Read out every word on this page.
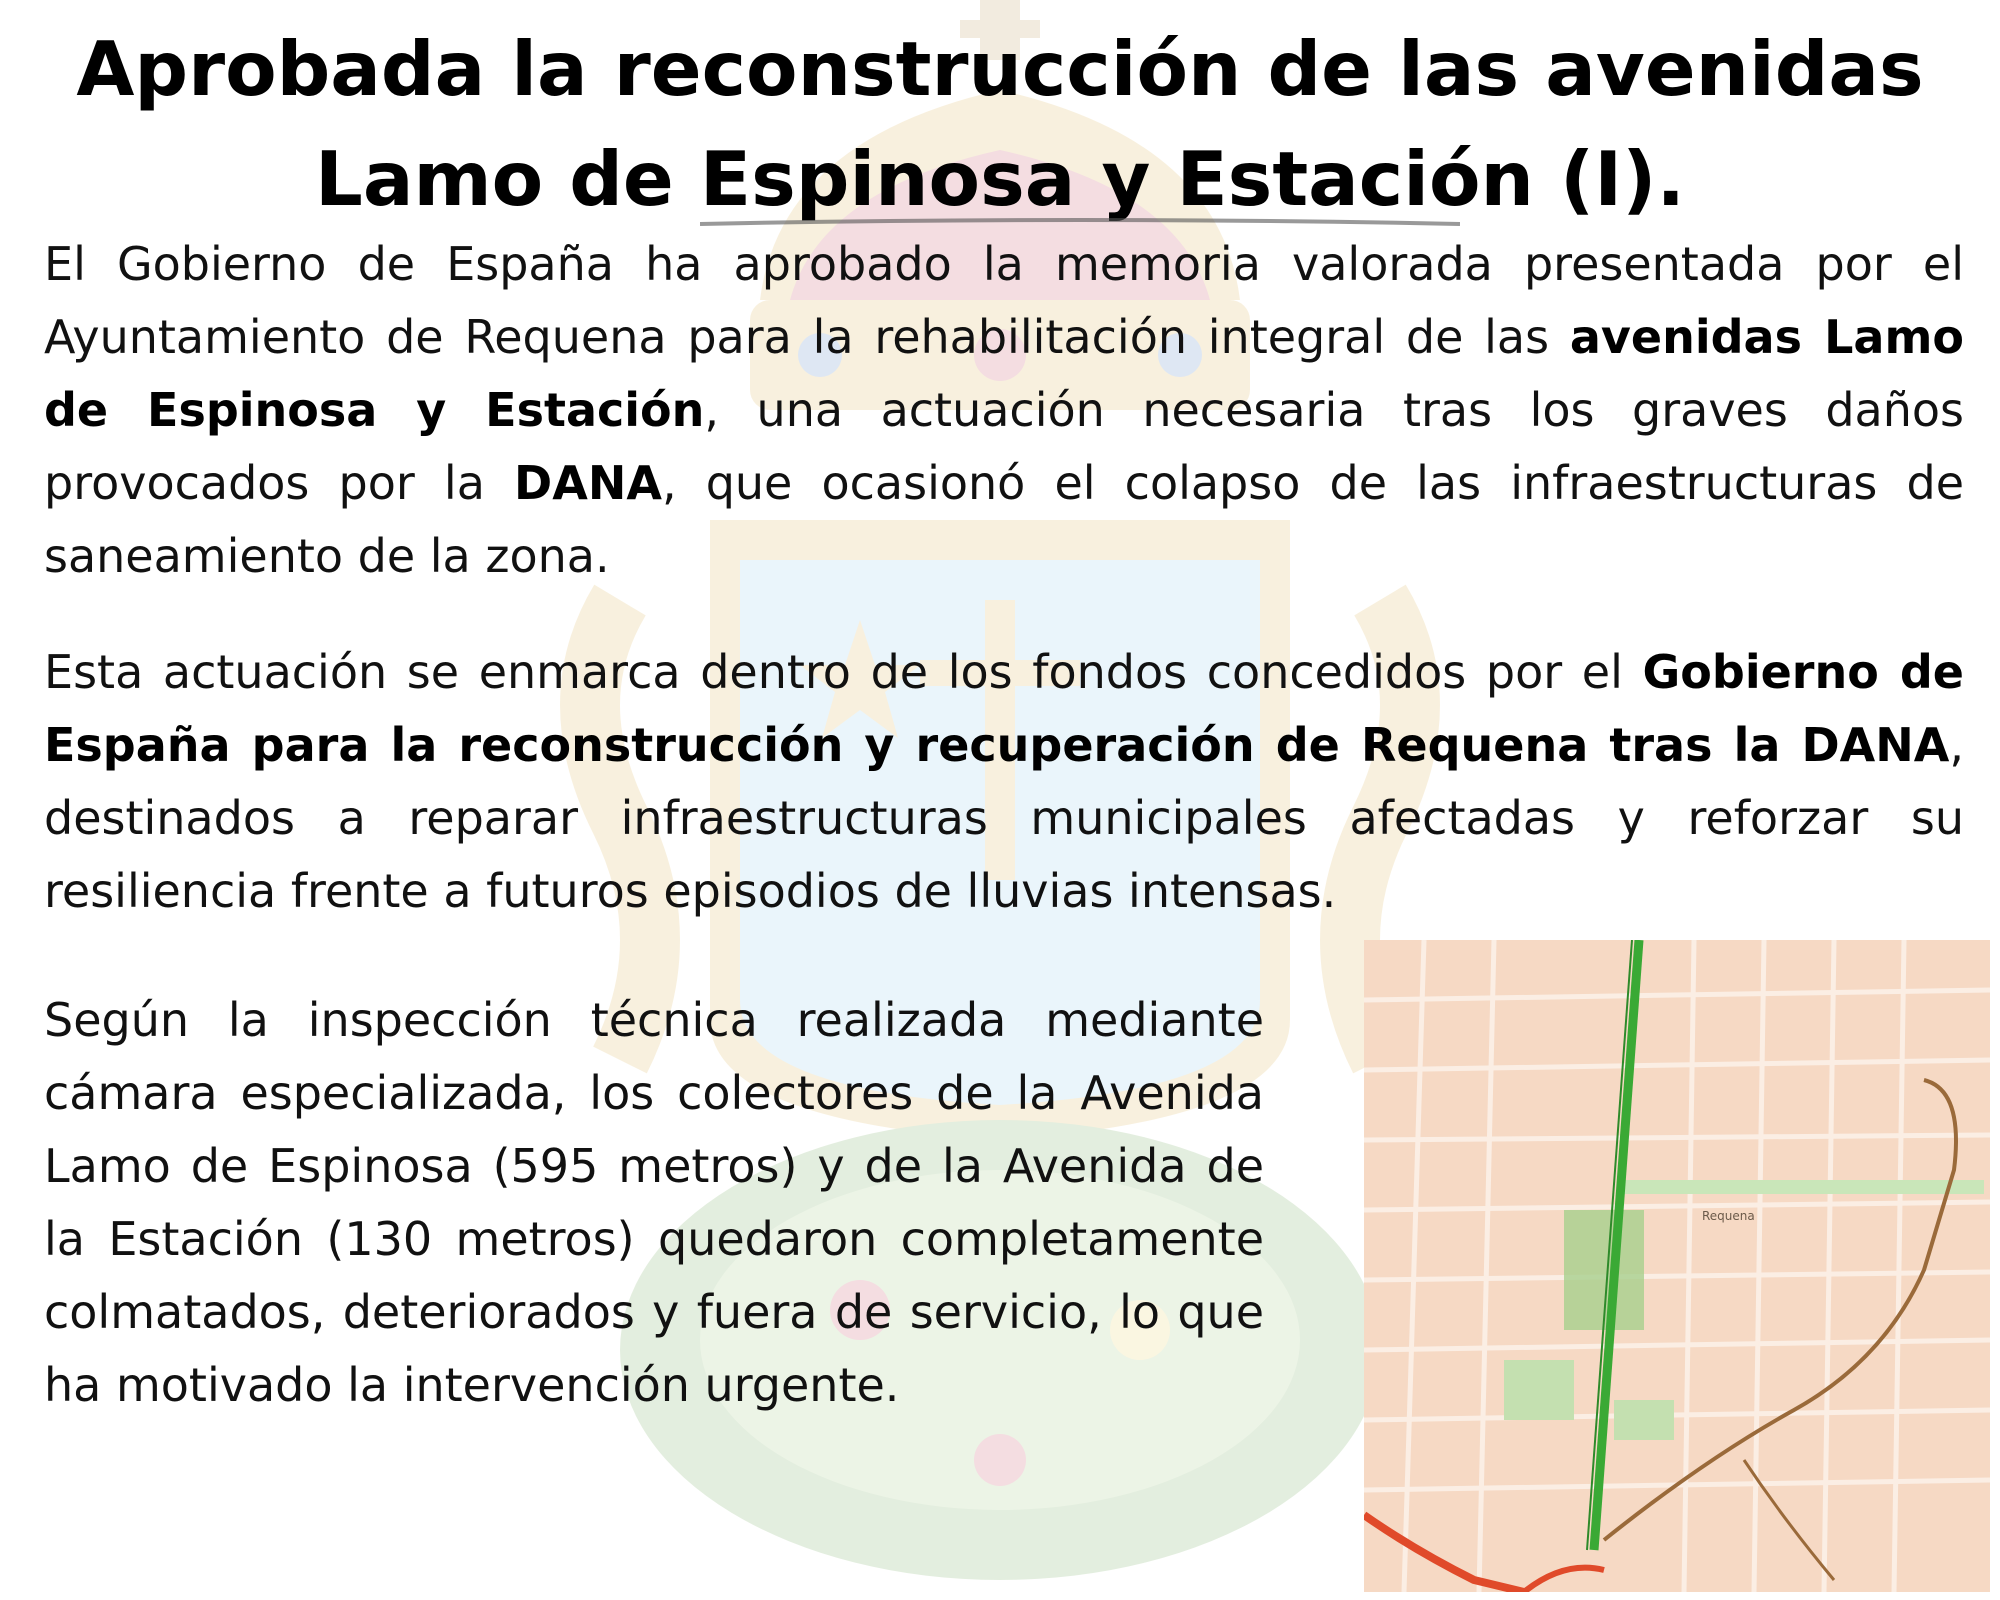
Aprobada la reconstrucción de las avenidas
Lamo de Espinosa y Estación (I).

El Gobierno de España ha aprobado la memoria valorada presentada por el Ayuntamiento de Requena para la rehabilitación integral de las avenidas Lamo de Espinosa y Estación, una actuación necesaria tras los graves daños provocados por la DANA, que ocasionó el colapso de las infraestructuras de saneamiento de la zona.

Esta actuación se enmarca dentro de los fondos concedidos por el Gobierno de España para la reconstrucción y recuperación de Requena tras la DANA, destinados a reparar infraestructuras municipales afectadas y reforzar su resiliencia frente a futuros episodios de lluvias intensas.

Según la inspección técnica realizada mediante cámara especializada, los colectores de la Avenida Lamo de Espinosa (595 metros) y de la Avenida de la Estación (130 metros) quedaron completamente colmatados, deteriorados y fuera de servicio, lo que ha motivado la intervención urgente.

Requena
